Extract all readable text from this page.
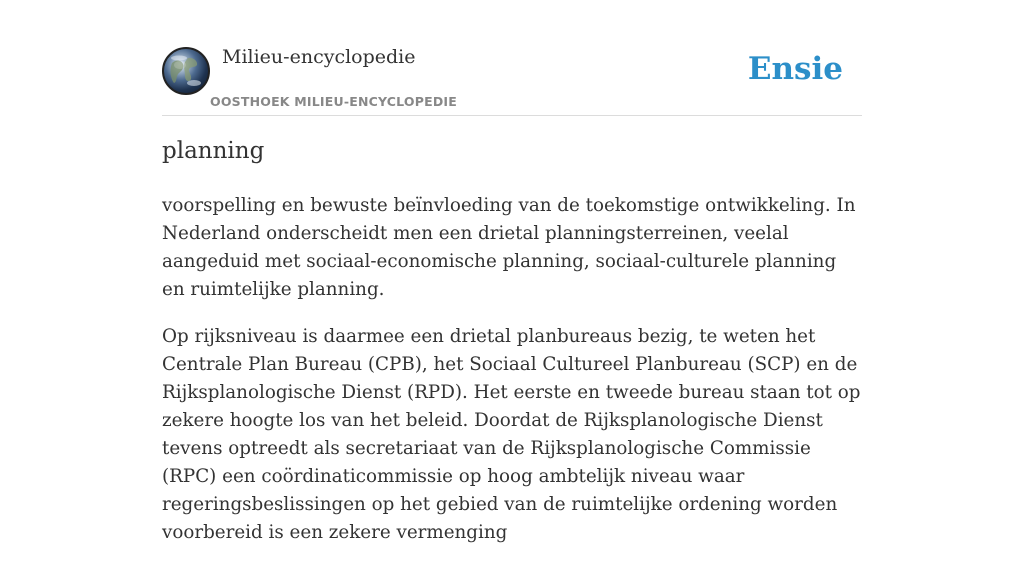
Milieu-encyclopedie
OOSTHOEK MILIEU-ENCYCLOPEDIE
Ensie
planning

voorspelling en bewuste beïnvloeding van de toekomstige ontwikkeling. In Nederland onderscheidt men een drietal planningsterreinen, veelal aangeduid met sociaal-economische planning, sociaal-culturele planning en ruimtelijke planning.

Op rijksniveau is daarmee een drietal planbureaus bezig, te weten het Centrale Plan Bureau (CPB), het Sociaal Cultureel Planbureau (SCP) en de Rijksplanologische Dienst (RPD). Het eerste en tweede bureau staan tot op zekere hoogte los van het beleid. Doordat de Rijksplanologische Dienst tevens optreedt als secretariaat van de Rijksplanologische Commissie (RPC) een coördinaticommissie op hoog ambtelijk niveau waar regeringsbeslissingen op het gebied van de ruimtelijke ordening worden voorbereid is een zekere vermenging
